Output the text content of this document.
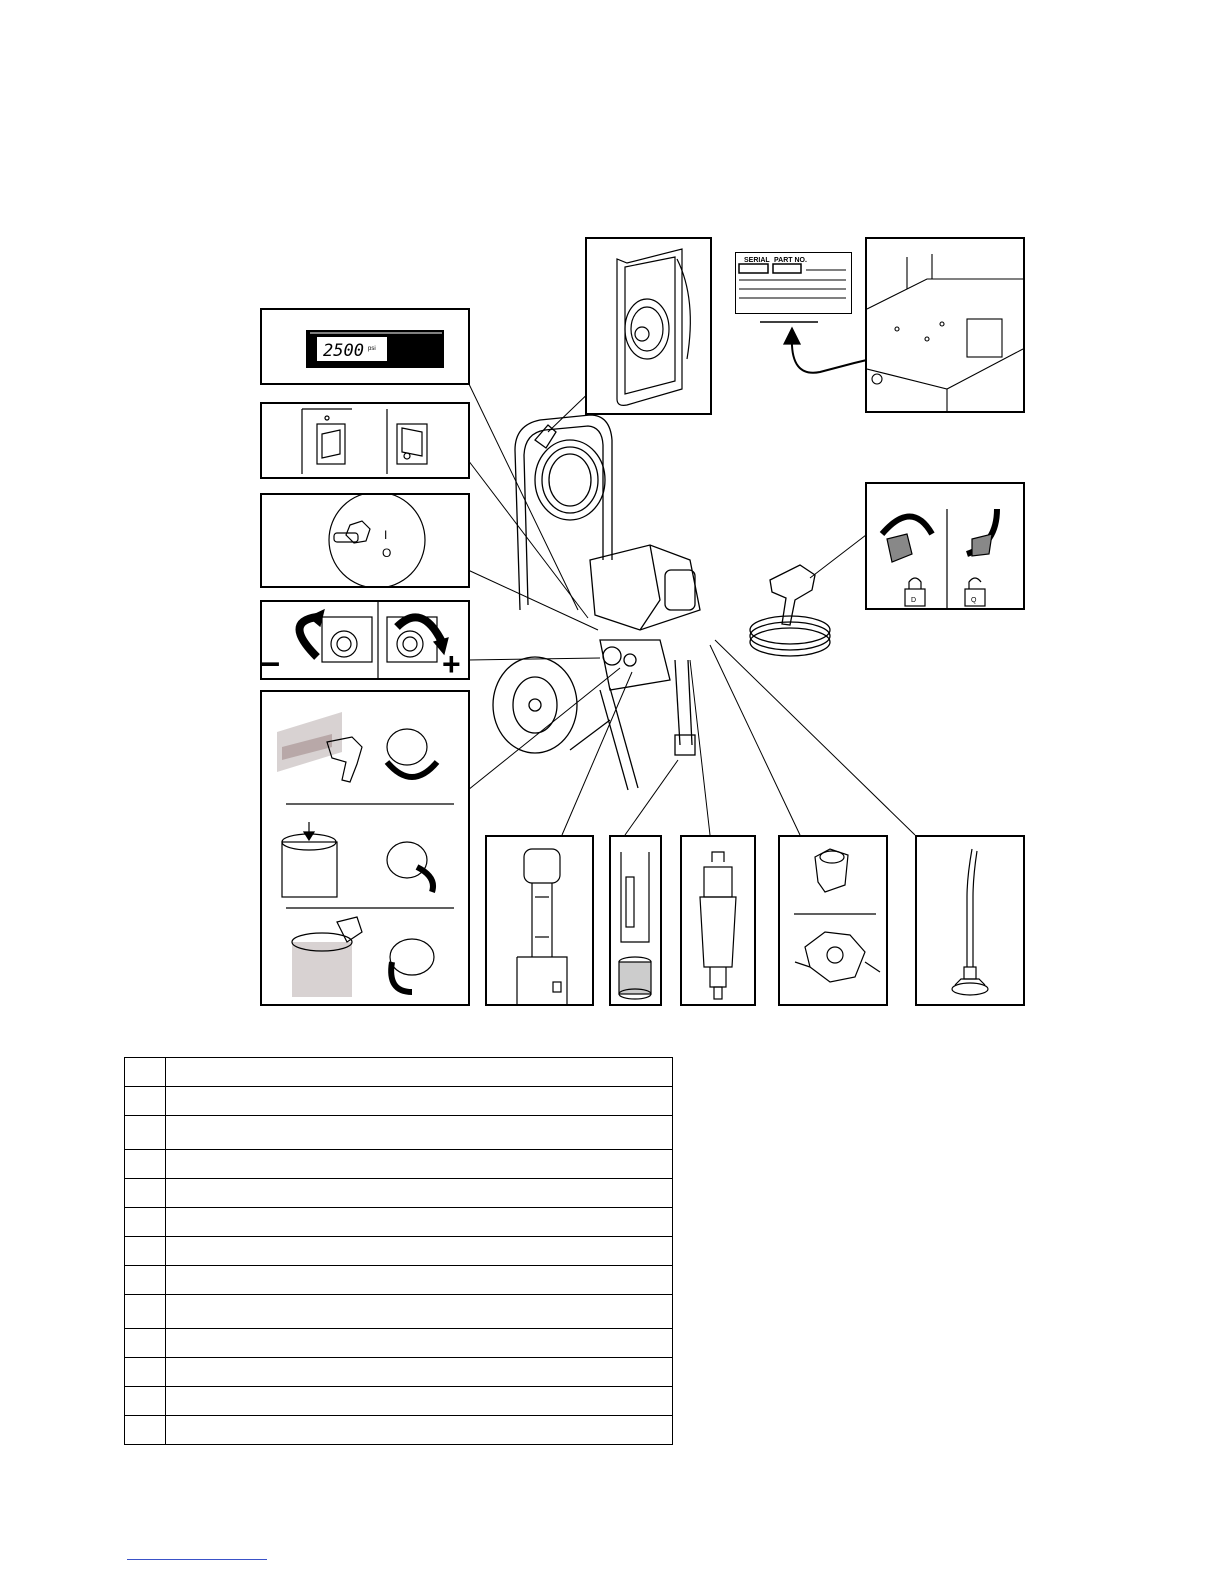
2500 psi
O
I
–	+
SERIAL PART NO.
D	Q
